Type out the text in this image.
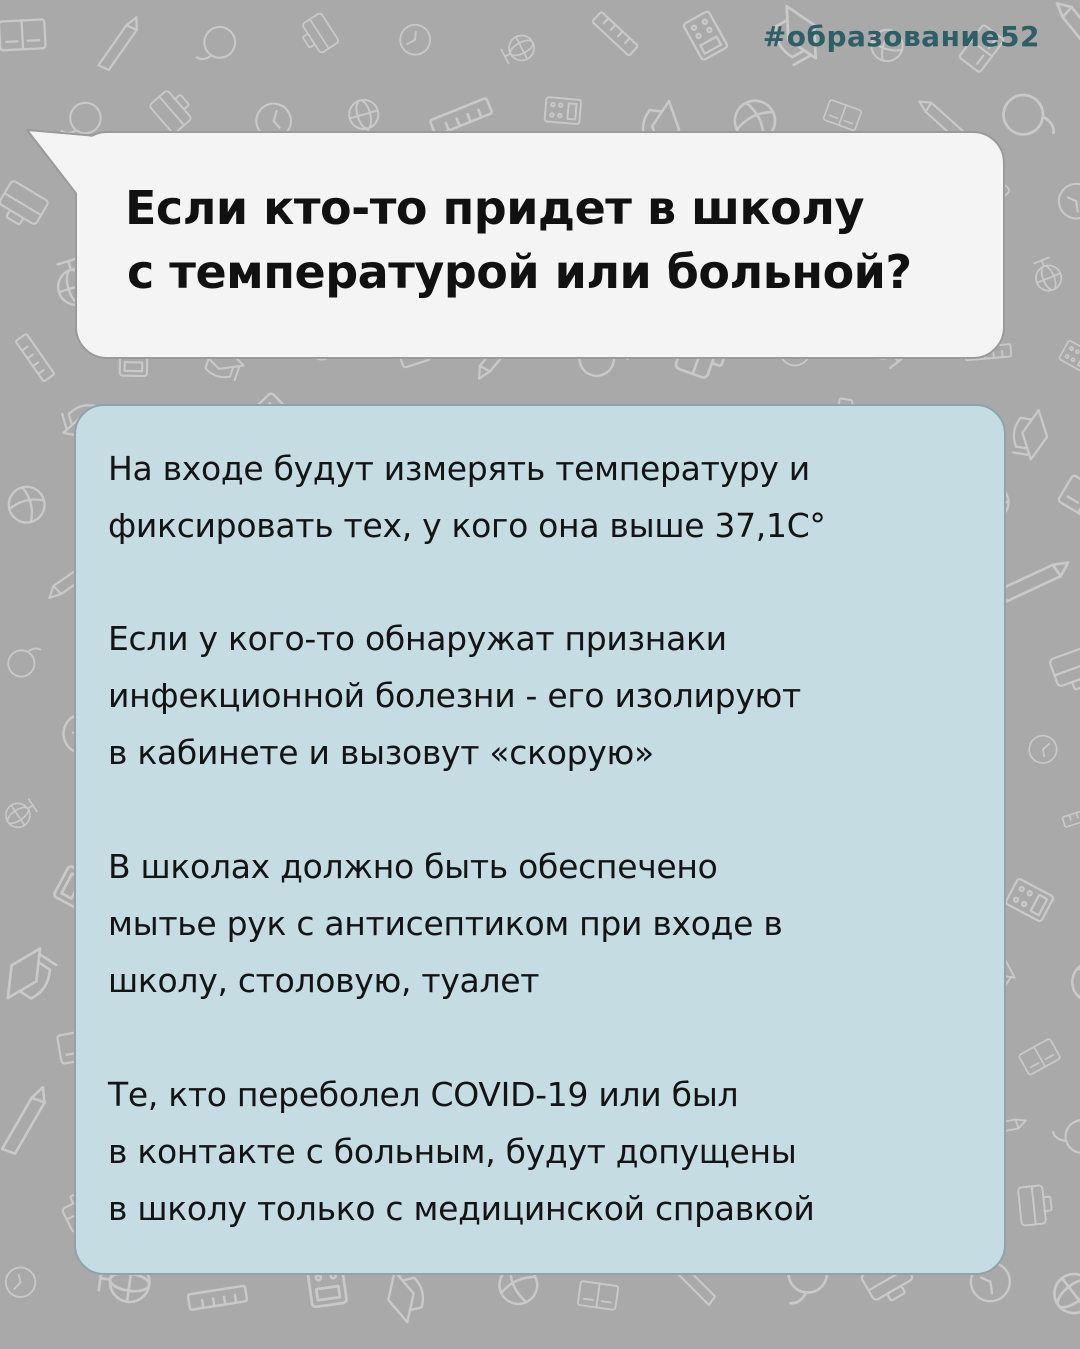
#образование52
Если кто-то придет в школу
с температурой или больной?

На входе будут измерять температуру и
фиксировать тех, у кого она выше 37,1С°

Если у кого-то обнаружат признаки
инфекционной болезни - его изолируют
в кабинете и вызовут «скорую»

В школах должно быть обеспечено
мытье рук с антисептиком при входе в
школу, столовую, туалет

Те, кто переболел COVID-19 или был
в контакте с больным, будут допущены
в школу только с медицинской справкой
